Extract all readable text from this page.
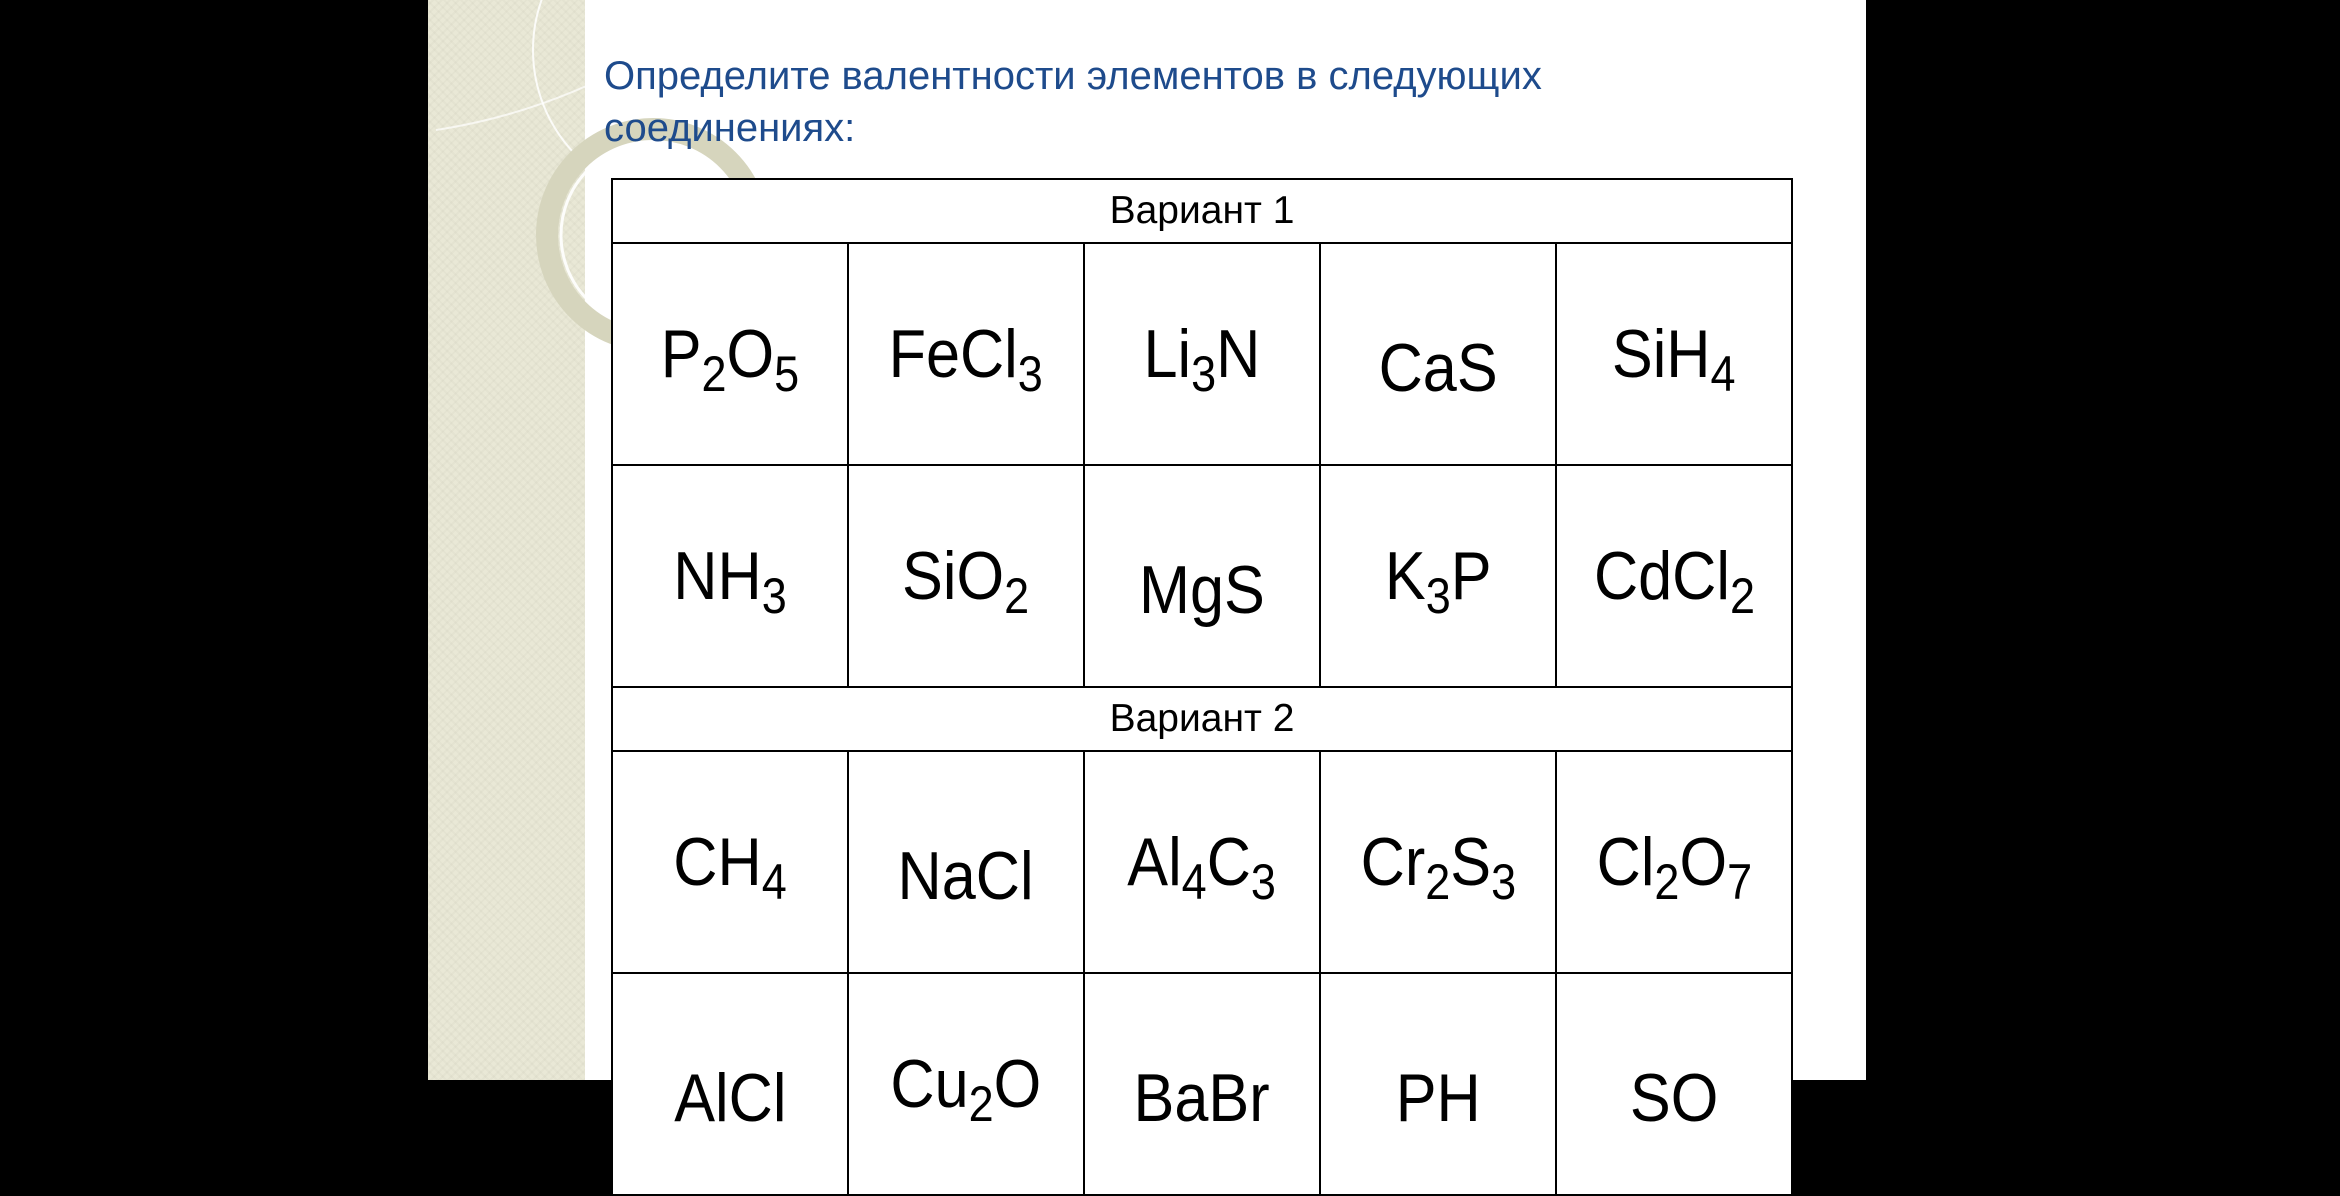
Определите валентности элементов в следующих соединениях:
Вариант 1				
$P_2O_5$	FeCl$_3$	$Li_3N$	CaS	SiH$_4$
$NH_3$	SiO$_2$	MgS	$K_3P$	CdCl$_2$
Вариант 2				
$CH_4$	NaCl	$Al_4C_3$	$Cr_2S_3$	$Cl_2O_7$
AlCl	$Cu_2O$	BaBr	PH	SO
